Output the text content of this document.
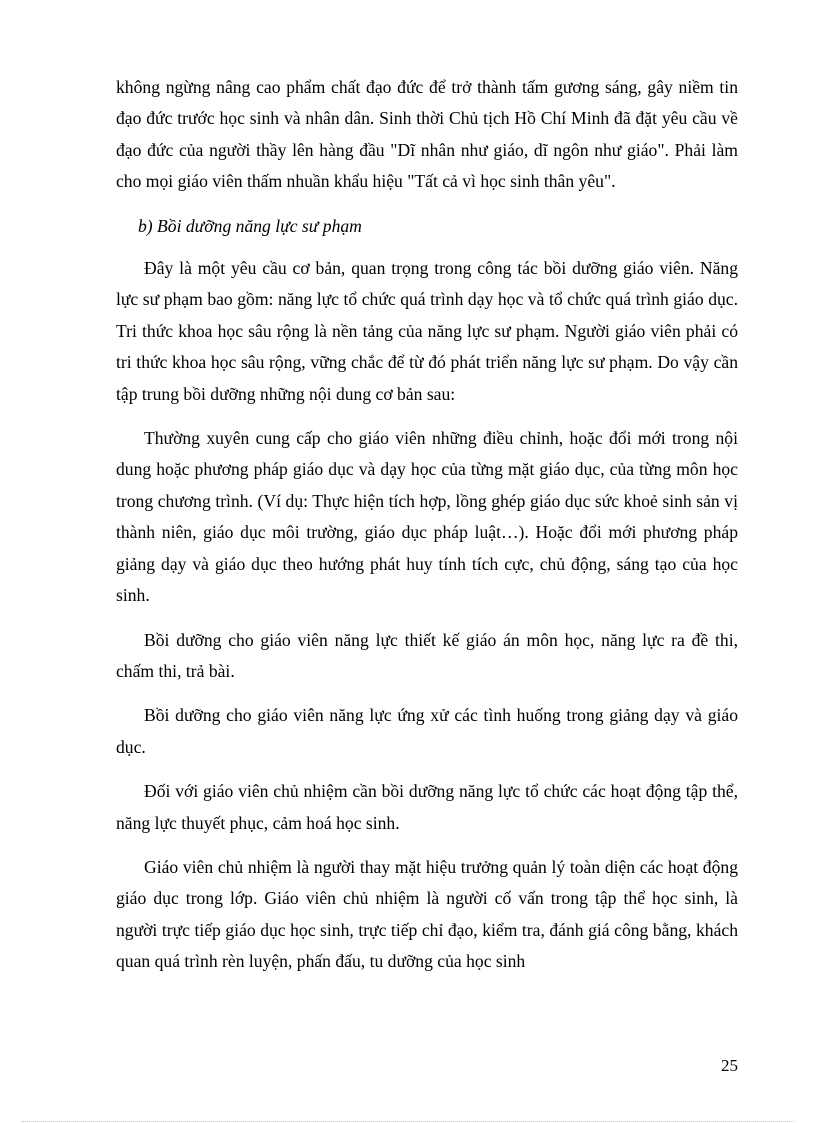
không ngừng nâng cao phẩm chất đạo đức để trở thành tấm gương sáng, gây niềm tin đạo đức trước học sinh và nhân dân. Sinh thời Chủ tịch Hồ Chí Minh đã đặt yêu cầu về đạo đức của người thầy lên hàng đầu "Dĩ nhân như giáo, dĩ ngôn như giáo". Phải làm cho mọi giáo viên thấm nhuần khẩu hiệu "Tất cả vì học sinh thân yêu".

b) Bồi dưỡng năng lực sư phạm

Đây là một yêu cầu cơ bản, quan trọng trong công tác bồi dưỡng giáo viên. Năng lực sư phạm bao gồm: năng lực tổ chức quá trình dạy học và tổ chức quá trình giáo dục. Tri thức khoa học sâu rộng là nền tảng của năng lực sư phạm. Người giáo viên phải có tri thức khoa học sâu rộng, vững chắc để từ đó phát triển năng lực sư phạm. Do vậy cần tập trung bồi dưỡng những nội dung cơ bản sau:

Thường xuyên cung cấp cho giáo viên những điều chỉnh, hoặc đổi mới trong nội dung hoặc phương pháp giáo dục và dạy học của từng mặt giáo dục, của từng môn học trong chương trình. (Ví dụ: Thực hiện tích hợp, lồng ghép giáo dục sức khoẻ sinh sản vị thành niên, giáo dục môi trường, giáo dục pháp luật…). Hoặc đổi mới phương pháp giảng dạy và giáo dục theo hướng phát huy tính tích cực, chủ động, sáng tạo của học sinh.

Bồi dưỡng cho giáo viên năng lực thiết kế giáo án môn học, năng lực ra đề thi, chấm thi, trả bài.

Bồi dưỡng cho giáo viên năng lực ứng xử các tình huống trong giảng dạy và giáo dục.

Đối với giáo viên chủ nhiệm cần bồi dưỡng năng lực tổ chức các hoạt động tập thể, năng lực thuyết phục, cảm hoá học sinh.

Giáo viên chủ nhiệm là người thay mặt hiệu trưởng quản lý toàn diện các hoạt động giáo dục trong lớp. Giáo viên chủ nhiệm là người cố vấn trong tập thể học sinh, là người trực tiếp giáo dục học sinh, trực tiếp chỉ đạo, kiểm tra, đánh giá công bằng, khách quan quá trình rèn luyện, phấn đấu, tu dưỡng của học sinh

25
